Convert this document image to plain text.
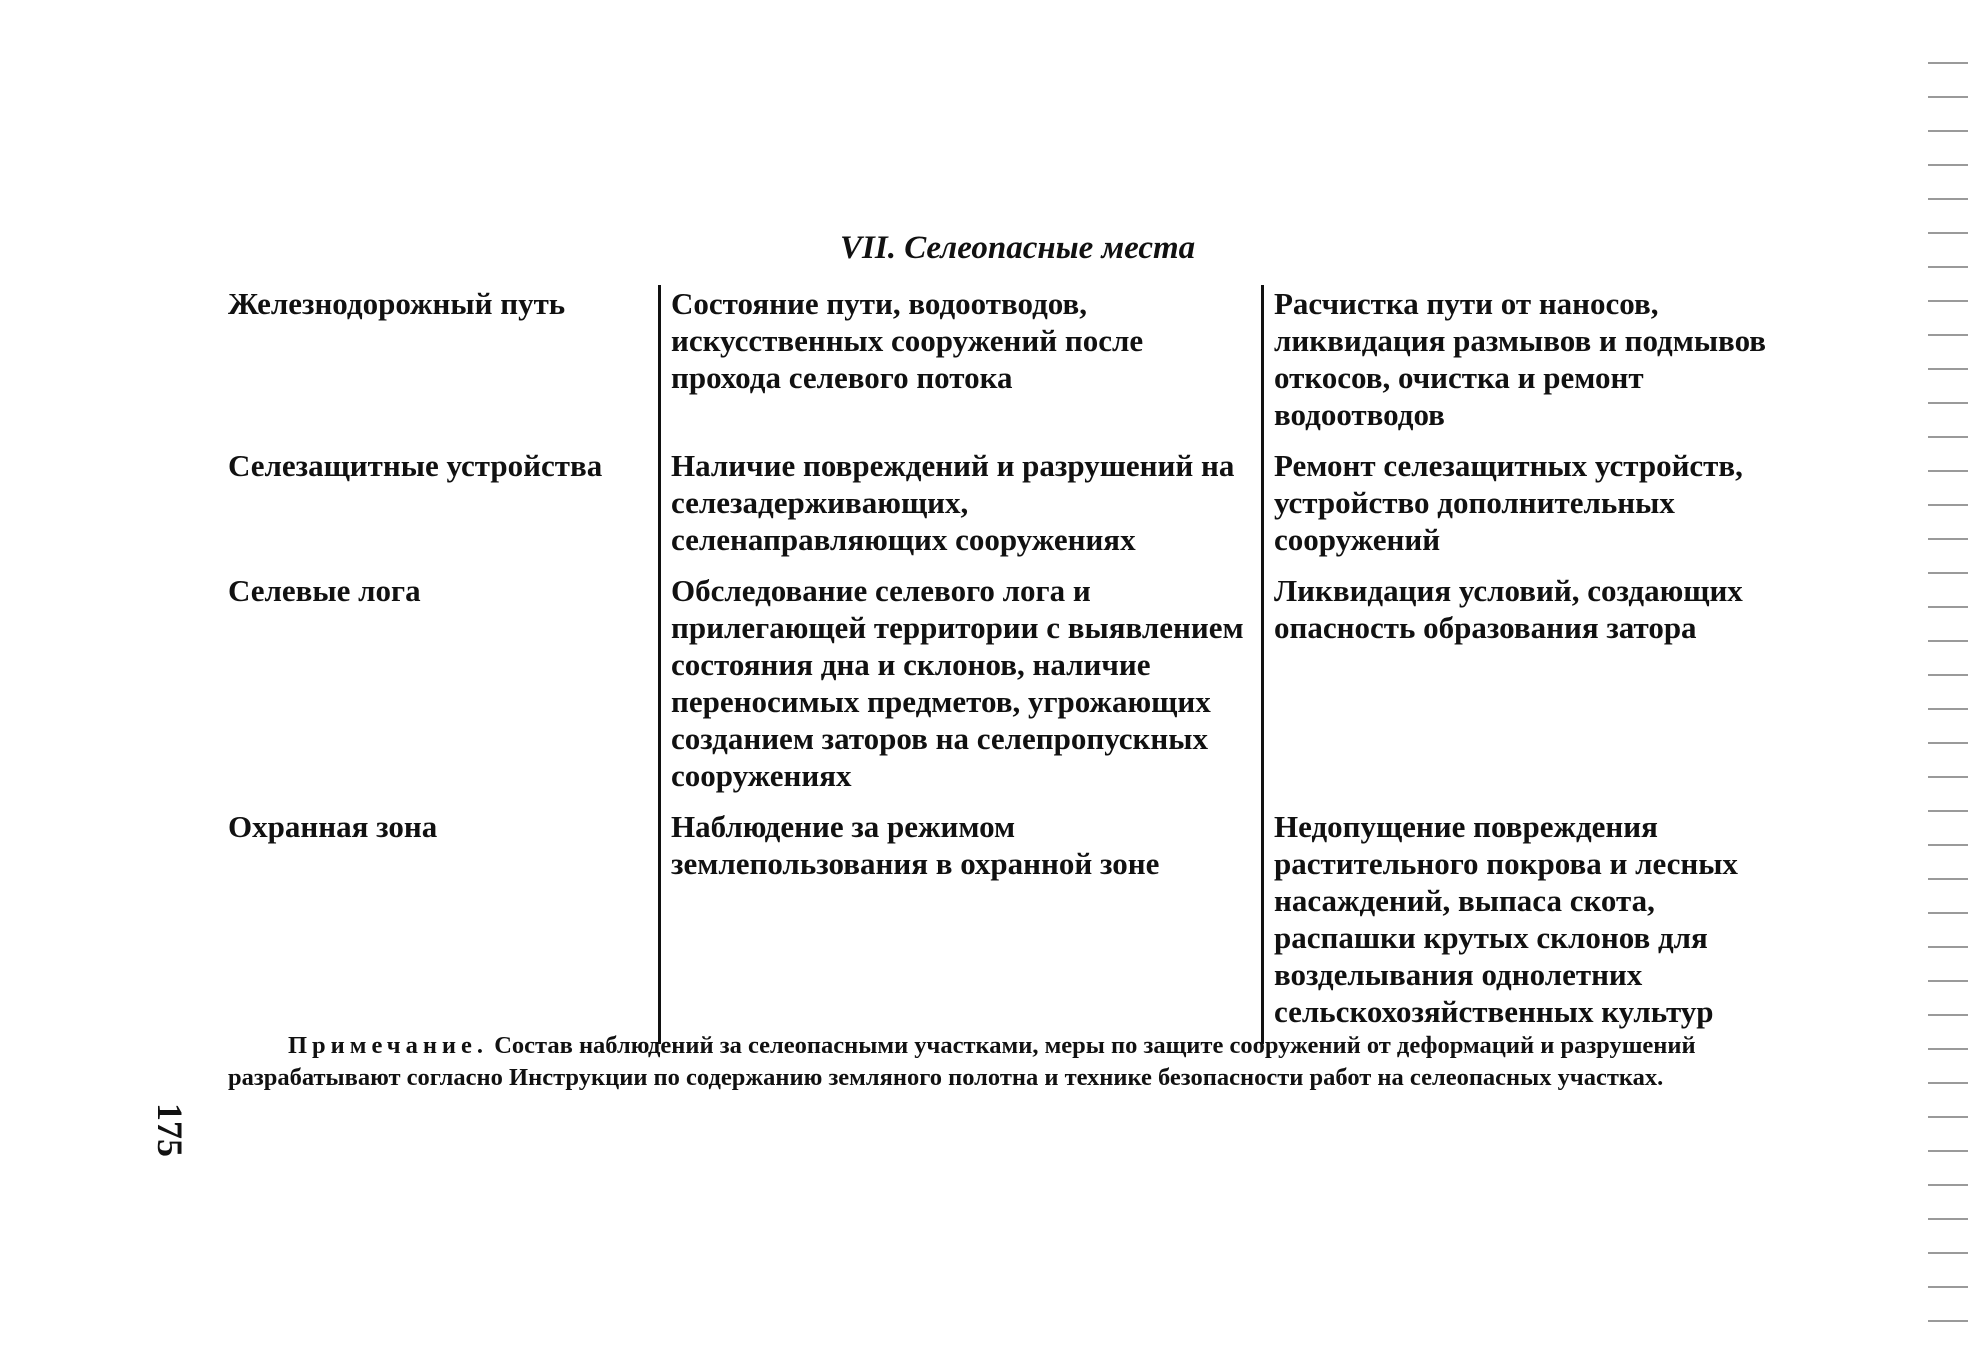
175
VII. Селеопасные места
Железнодорожный путь	Состояние пути, водоотводов, искусственных сооружений после прохода селевого потока	Расчистка пути от наносов, ликвидация размывов и подмывов откосов, очистка и ремонт водоотводов
Селезащитные устройства	Наличие повреждений и разрушений на селезадерживающих, селенаправляющих сооружениях	Ремонт селезащитных устройств, устройство дополнительных сооружений
Селевые лога	Обследование селевого лога и прилегающей территории с выявлением состояния дна и склонов, наличие переносимых предметов, угрожающих созданием заторов на селепропускных сооружениях	Ликвидация условий, создающих опасность образования затора
Охранная зона	Наблюдение за режимом землепользования в охранной зоне	Недопущение повреждения растительного покрова и лесных насаждений, выпаса скота, распашки крутых склонов для возделывания однолетних сельскохозяйственных культур

Примечание. Состав наблюдений за селеопасными участками, меры по защите сооружений от деформаций и разрушений разрабатывают согласно Инструкции по содержанию земляного полотна и технике безопасности работ на селеопасных участках.
